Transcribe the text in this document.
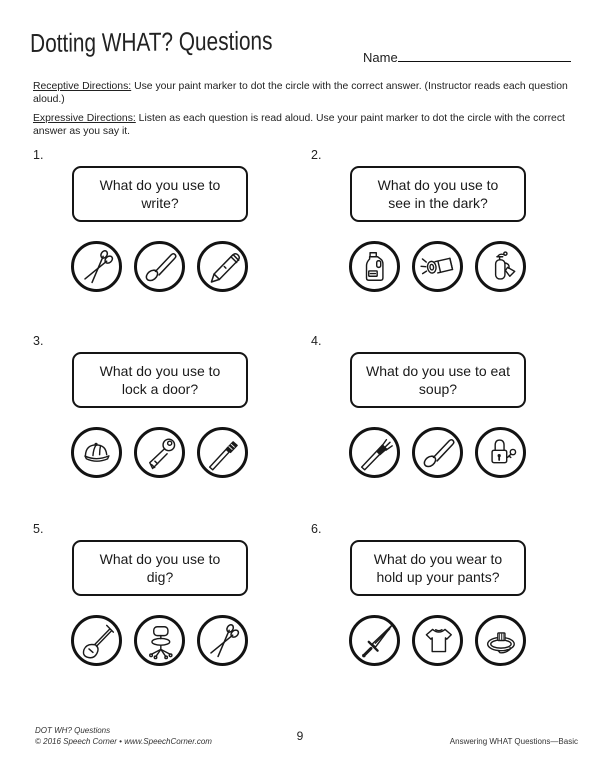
Dotting WHAT? Questions	Name

Receptive Directions: Use your paint marker to dot the circle with the correct answer. (Instructor reads each question aloud.)

Expressive Directions: Listen as each question is read aloud. Use your paint marker to dot the circle with the correct answer as you say it.

1.
What do you use to write?
2.
What do you use to see in the dark?
3.
What do you use to lock a door?
4.
What do you use to eat soup?
5.
What do you use to dig?
6.
What do you wear to hold up your pants?
DOT WH? Questions
© 2016 Speech Corner • www.SpeechCorner.com	9	Answering WHAT Questions—Basic
